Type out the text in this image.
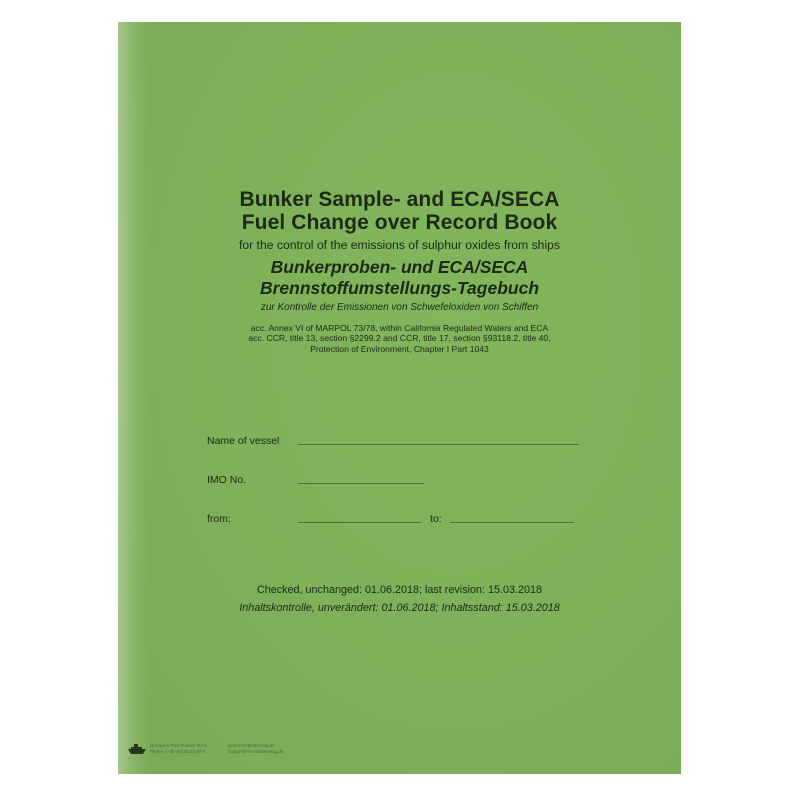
Bunker Sample- and ECA/SECA
Fuel Change over Record Book
for the control of the emissions of sulphur oxides from ships
Bunkerproben- und ECA/SECA
Brennstoffumstellungs-Tagebuch
zur Kontrolle der Emissionen von Schwefeloxiden von Schiffen
acc. Annex VI of MARPOL 73/78, within California Regulated Waters and ECA
acc. CCR, title 13, section §2299.2 and CCR, title 17, section §93118.2, title 40,
Protection of Environment, Chapter I Part 1043
Name of vessel
IMO No.
from:	to:
Checked, unchanged: 01.06.2018; last revision: 15.03.2018
Inhaltskontrolle, unverändert: 01.06.2018; Inhaltsstand: 15.03.2018
Druckerei Paul Moeller OHG
Phone: (+49 40) 33 33 00-0
www.formblattverlag.de
support@formblattverlag.de
